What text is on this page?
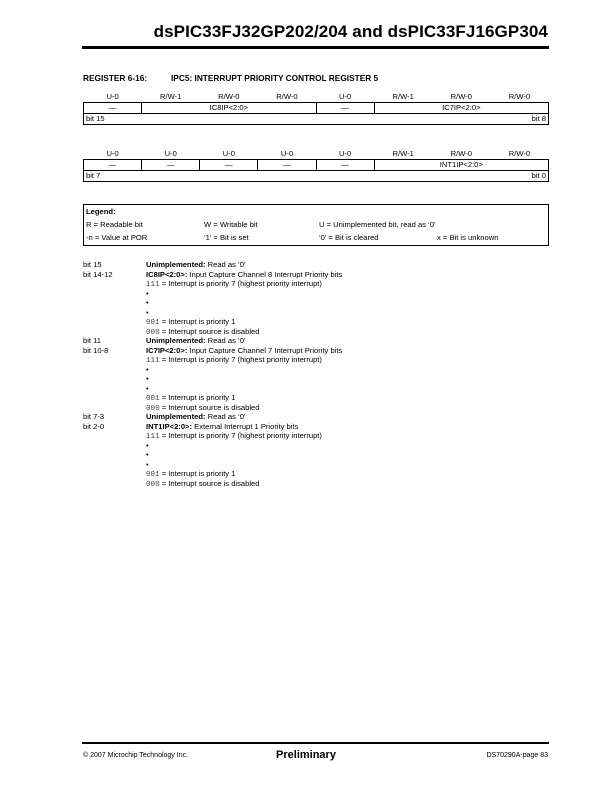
dsPIC33FJ32GP202/204 and dsPIC33FJ16GP304
REGISTER 6-16:	IPC5: INTERRUPT PRIORITY CONTROL REGISTER 5
U-0	R/W-1	R/W-0	R/W-0	U-0	R/W-1	R/W-0	R/W-0
—	IC8IP<2:0>			—	IC7IP<2:0>		
bit 15				bit 8			
U-0	U-0	U-0	U-0	U-0	R/W-1	R/W-0	R/W-0
—	—	—	—	—	INT1IP<2:0>		
bit 7				bit 0			
Legend:
R = Readable bit	W = Writable bit	U = Unimplemented bit, read as ‘0’
-n = Value at POR	‘1’ = Bit is set	‘0’ = Bit is cleared	x = Bit is unknown
bit 15	Unimplemented: Read as ‘0’
bit 14-12	IC8IP<2:0>: Input Capture Channel 8 Interrupt Priority bits
111 = Interrupt is priority 7 (highest priority interrupt)
•
•
•
001 = Interrupt is priority 1
000 = Interrupt source is disabled
bit 11	Unimplemented: Read as ‘0’
bit 10-8	IC7IP<2:0>: Input Capture Channel 7 Interrupt Priority bits
111 = Interrupt is priority 7 (highest priority interrupt)
•
•
•
001 = Interrupt is priority 1
000 = Interrupt source is disabled
bit 7-3	Unimplemented: Read as ‘0’
bit 2-0	INT1IP<2:0>: External Interrupt 1 Priority bits
111 = Interrupt is priority 7 (highest priority interrupt)
•
•
•
001 = Interrupt is priority 1
000 = Interrupt source is disabled
© 2007 Microchip Technology Inc.	Preliminary	DS70290A-page 83
